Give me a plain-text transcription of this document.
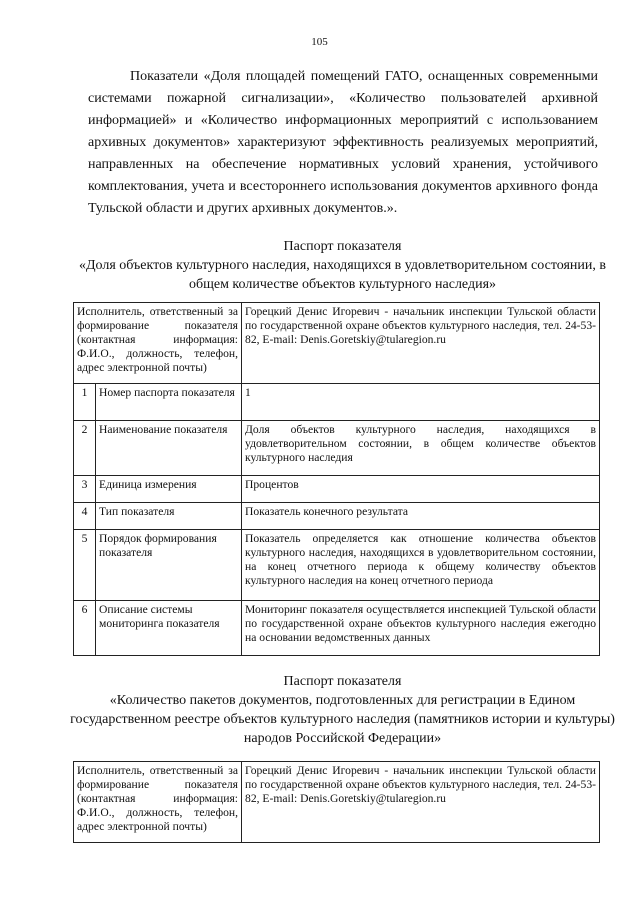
105

Показатели «Доля площадей помещений ГАТО, оснащенных современными системами пожарной сигнализации», «Количество пользователей архивной информацией» и «Количество информационных мероприятий с использованием архивных документов» характеризуют эффективность реализуемых мероприятий, направленных на обеспечение нормативных условий хранения, устойчивого комплектования, учета и всестороннего использования документов архивного фонда Тульской области и других архивных документов.».

Паспорт показателя
«Доля объектов культурного наследия, находящихся в удовлетворительном состоянии, в общем количестве объектов культурного наследия»
Исполнитель, ответственный за формирование показателя (контактная информация: Ф.И.О., должность, телефон, адрес электронной почты)		Горецкий Денис Игоревич - начальник инспекции Тульской области по государственной охране объектов культурного наследия, тел. 24-53-82, E-mail: Denis.Goretskiy@tularegion.ru
1	Номер паспорта показателя	1
2	Наименование показателя	Доля объектов культурного наследия, находящихся в удовлетворительном состоянии, в общем количестве объектов культурного наследия
3	Единица измерения	Процентов
4	Тип показателя	Показатель конечного результата
5	Порядок формирования показателя	Показатель определяется как отношение количества объектов культурного наследия, находящихся в удовлетворительном состоянии, на конец отчетного периода к общему количеству объектов культурного наследия на конец отчетного периода
6	Описание системы мониторинга показателя	Мониторинг показателя осуществляется инспекцией Тульской области по государственной охране объектов культурного наследия ежегодно на основании ведомственных данных
Паспорт показателя
«Количество пакетов документов, подготовленных для регистрации в Едином государственном реестре объектов культурного наследия (памятников истории и культуры) народов Российской Федерации»
Исполнитель, ответственный за формирование показателя (контактная информация: Ф.И.О., должность, телефон, адрес электронной почты)	Горецкий Денис Игоревич - начальник инспекции Тульской области по государственной охране объектов культурного наследия, тел. 24-53-82, E-mail: Denis.Goretskiy@tularegion.ru
